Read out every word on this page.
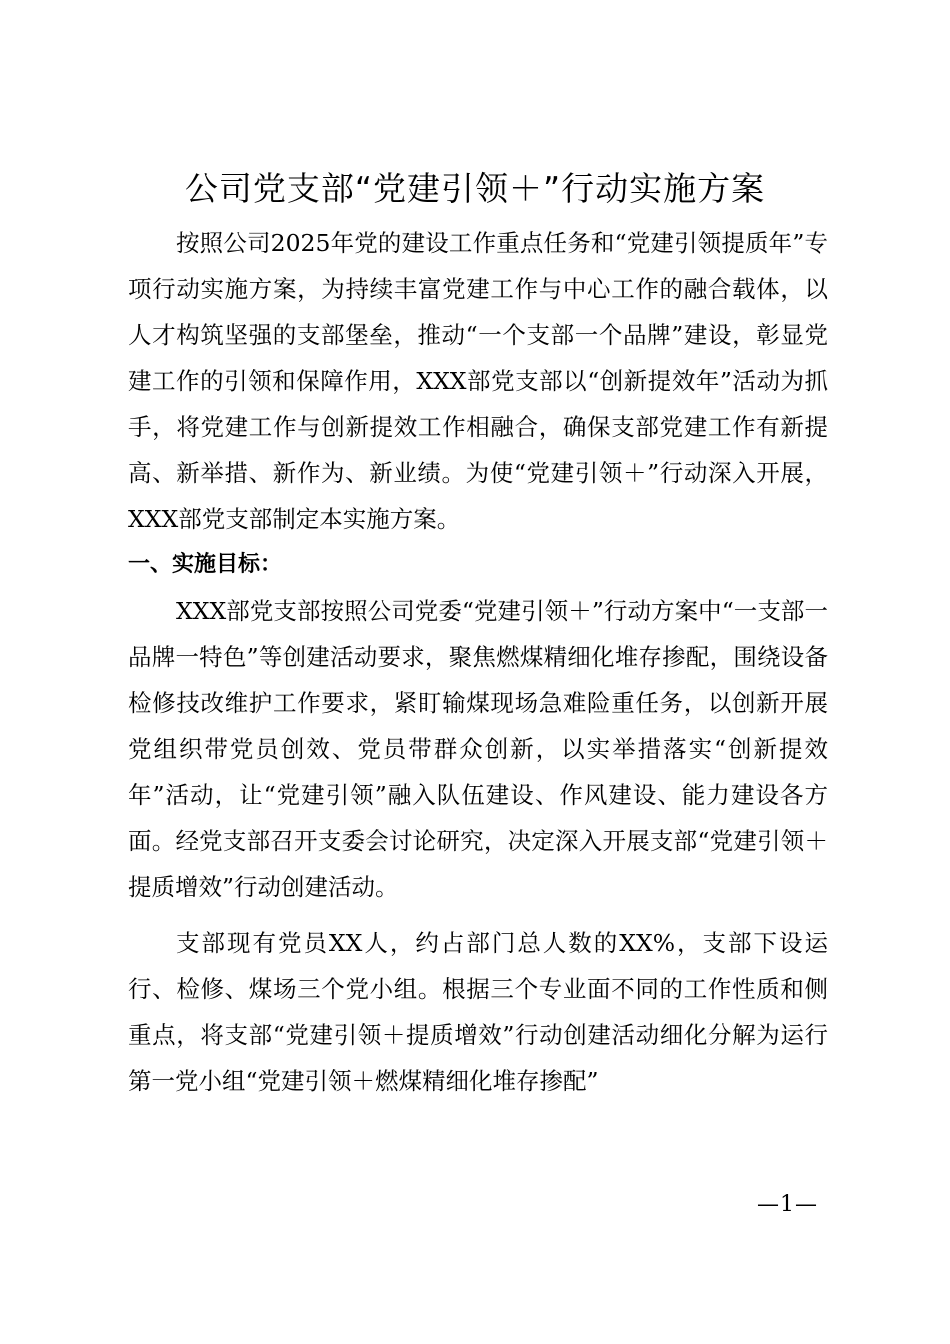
公司党支部“党建引领＋”行动实施方案

按照公司2025年党的建设工作重点任务和“党建引领提质年”专项行动实施方案，为持续丰富党建工作与中心工作的融合载体，以人才构筑坚强的支部堡垒，推动“一个支部一个品牌”建设，彰显党建工作的引领和保障作用，XXX部党支部以“创新提效年”活动为抓手，将党建工作与创新提效工作相融合，确保支部党建工作有新提高、新举措、新作为、新业绩。为使“党建引领＋”行动深入开展，XXX部党支部制定本实施方案。

一、实施目标：

XXX部党支部按照公司党委“党建引领＋”行动方案中“一支部一品牌一特色”等创建活动要求，聚焦燃煤精细化堆存掺配，围绕设备检修技改维护工作要求，紧盯输煤现场急难险重任务，以创新开展党组织带党员创效、党员带群众创新，以实举措落实“创新提效年”活动，让“党建引领”融入队伍建设、作风建设、能力建设各方面。经党支部召开支委会讨论研究，决定深入开展支部“党建引领＋提质增效”行动创建活动。

支部现有党员XX人，约占部门总人数的XX%，支部下设运行、检修、煤场三个党小组。根据三个专业面不同的工作性质和侧重点，将支部“党建引领＋提质增效”行动创建活动细化分解为运行第一党小组“党建引领＋燃煤精细化堆存掺配”

—1—
